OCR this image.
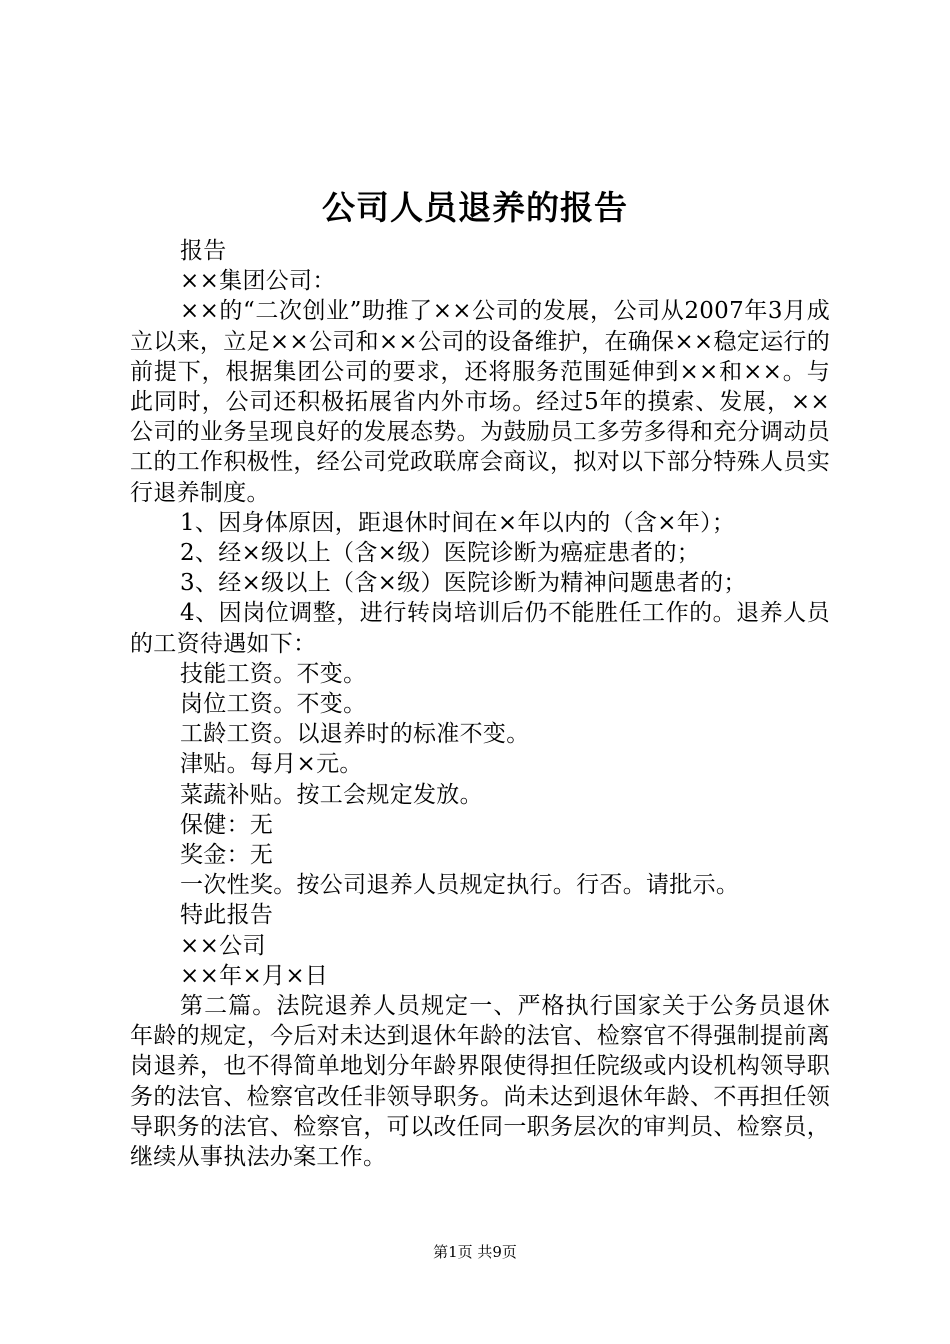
公司人员退养的报告

报告

××集团公司：

××的“二次创业”助推了××公司的发展，公司从2007年3月成立以来，立足××公司和××公司的设备维护，在确保××稳定运行的前提下，根据集团公司的要求，还将服务范围延伸到××和××。与此同时，公司还积极拓展省内外市场。经过5年的摸索、发展，××公司的业务呈现良好的发展态势。为鼓励员工多劳多得和充分调动员工的工作积极性，经公司党政联席会商议，拟对以下部分特殊人员实行退养制度。

1、因身体原因，距退休时间在×年以内的（含×年）；

2、经×级以上（含×级）医院诊断为癌症患者的；

3、经×级以上（含×级）医院诊断为精神问题患者的；

4、因岗位调整，进行转岗培训后仍不能胜任工作的。退养人员的工资待遇如下：

技能工资。不变。

岗位工资。不变。

工龄工资。以退养时的标准不变。

津贴。每月×元。

菜蔬补贴。按工会规定发放。

保健：无

奖金：无

一次性奖。按公司退养人员规定执行。行否。请批示。

特此报告

××公司

××年×月×日

第二篇。法院退养人员规定一、严格执行国家关于公务员退休年龄的规定，今后对未达到退休年龄的法官、检察官不得强制提前离岗退养，也不得简单地划分年龄界限使得担任院级或内设机构领导职务的法官、检察官改任非领导职务。尚未达到退休年龄、不再担任领导职务的法官、检察官，可以改任同一职务层次的审判员、检察员，继续从事执法办案工作。

第1页 共9页
